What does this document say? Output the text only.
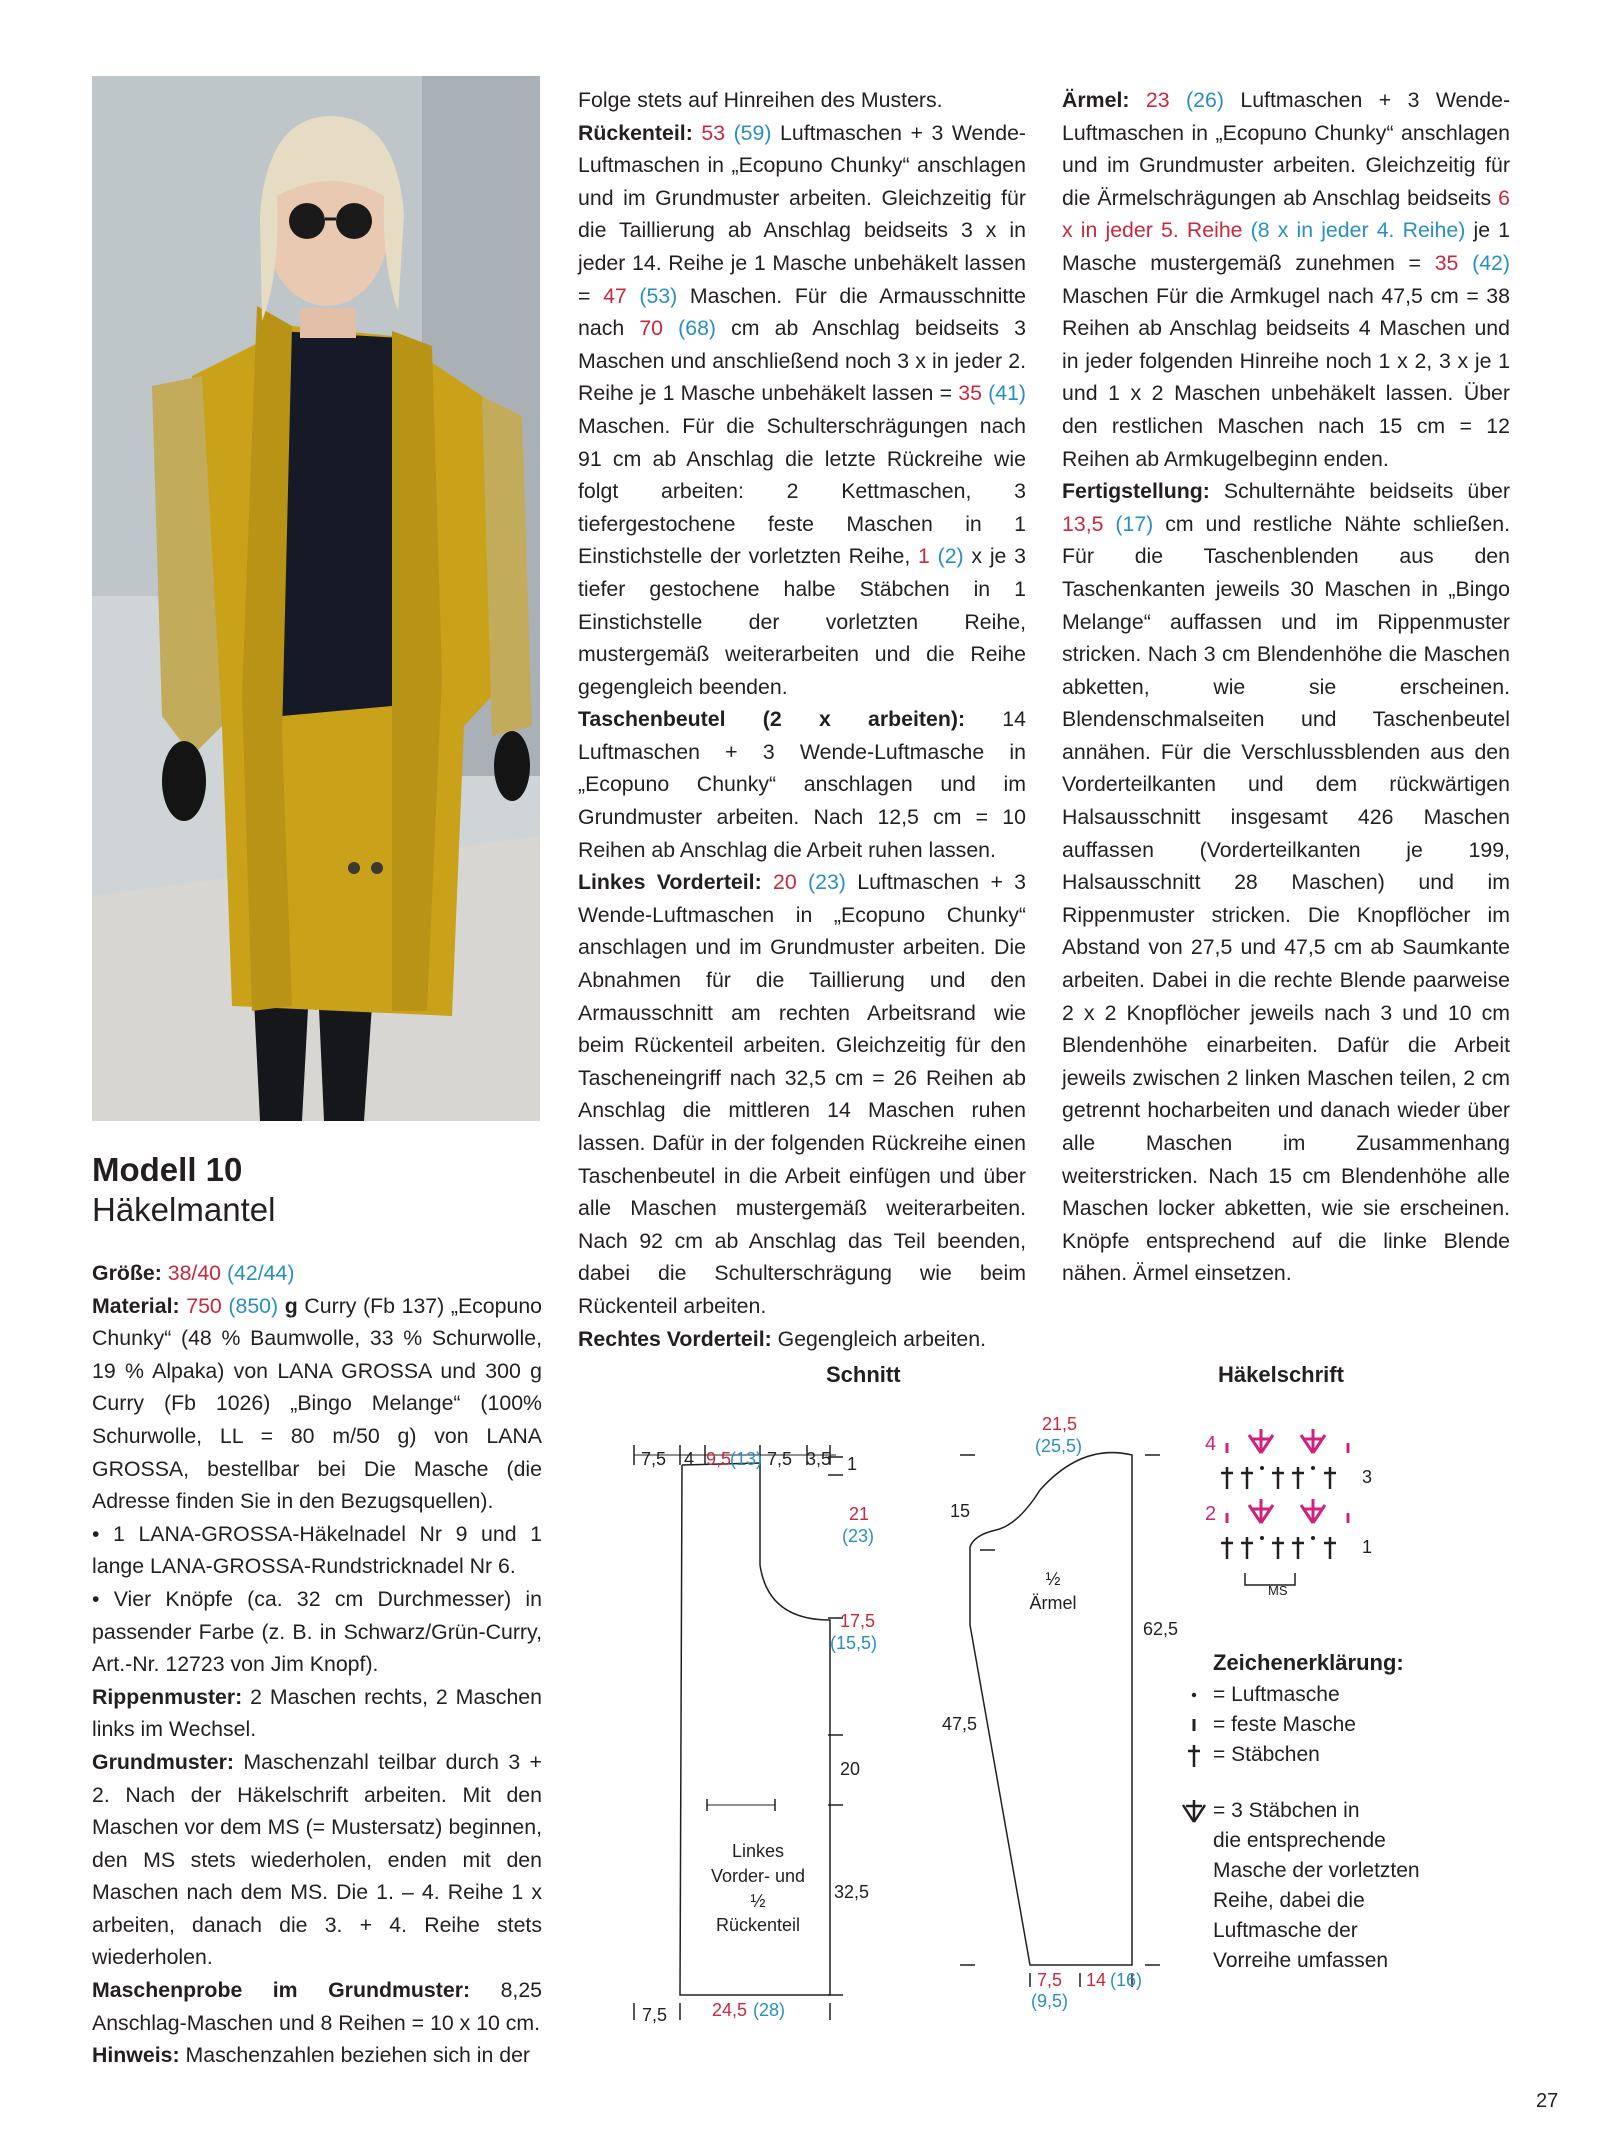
Modell 10
Häkelmantel

Größe: 38/40 (42/44)

Material: 750 (850) g Curry (Fb 137) „Ecopuno Chunky“ (48 % Baumwolle, 33 % Schurwolle, 19 % Alpaka) von LANA GROSSA und 300 g Curry (Fb 1026) „Bingo Melange“ (100% Schurwolle, LL = 80 m/50 g) von LANA GROSSA, bestellbar bei Die Masche (die Adresse finden Sie in den Bezugsquellen).

• 1 LANA-GROSSA-Häkelnadel Nr 9 und 1 lange LANA-GROSSA-Rundstricknadel Nr 6.

• Vier Knöpfe (ca. 32 cm Durchmesser) in passender Farbe (z. B. in Schwarz/Grün-Curry, Art.-Nr. 12723 von Jim Knopf).

Rippenmuster: 2 Maschen rechts, 2 Maschen links im Wechsel.

Grundmuster: Maschenzahl teilbar durch 3 + 2. Nach der Häkelschrift arbeiten. Mit den Maschen vor dem MS (= Mustersatz) beginnen, den MS stets wiederholen, enden mit den Maschen nach dem MS. Die 1. – 4. Reihe 1 x arbeiten, danach die 3. + 4. Reihe stets wiederholen.

Maschenprobe im Grundmuster: 8,25 Anschlag-Maschen und 8 Reihen = 10 x 10 cm.

Hinweis: Maschenzahlen beziehen sich in der

Folge stets auf Hinreihen des Musters.

Rückenteil: 53 (59) Luftmaschen + 3 Wende-Luftmaschen in „Ecopuno Chunky“ anschlagen und im Grundmuster arbeiten. Gleichzeitig für die Taillierung ab Anschlag beidseits 3 x in jeder 14. Reihe je 1 Masche unbehäkelt lassen = 47 (53) Maschen. Für die Armausschnitte nach 70 (68) cm ab Anschlag beidseits 3 Maschen und anschließend noch 3 x in jeder 2. Reihe je 1 Masche unbehäkelt lassen = 35 (41) Maschen. Für die Schulterschrägungen nach 91 cm ab Anschlag die letzte Rückreihe wie folgt arbeiten: 2 Kettmaschen, 3 tiefergestochene feste Maschen in 1 Einstichstelle der vorletzten Reihe, 1 (2) x je 3 tiefer gestochene halbe Stäbchen in 1 Einstichstelle der vorletzten Reihe, mustergemäß weiterarbeiten und die Reihe gegengleich beenden.

Taschenbeutel (2 x arbeiten): 14 Luftmaschen + 3 Wende-Luftmasche in „Ecopuno Chunky“ anschlagen und im Grundmuster arbeiten. Nach 12,5 cm = 10 Reihen ab Anschlag die Arbeit ruhen lassen.

Linkes Vorderteil: 20 (23) Luftmaschen + 3 Wende-Luftmaschen in „Ecopuno Chunky“ anschlagen und im Grundmuster arbeiten. Die Abnahmen für die Taillierung und den Armausschnitt am rechten Arbeitsrand wie beim Rückenteil arbeiten. Gleichzeitig für den Tascheneingriff nach 32,5 cm = 26 Reihen ab Anschlag die mittleren 14 Maschen ruhen lassen. Dafür in der folgenden Rückreihe einen Taschenbeutel in die Arbeit einfügen und über alle Maschen mustergemäß weiterarbeiten. Nach 92 cm ab Anschlag das Teil beenden, dabei die Schulterschrägung wie beim Rückenteil arbeiten.

Rechtes Vorderteil: Gegengleich arbeiten.

Ärmel: 23 (26) Luftmaschen + 3 Wende-Luftmaschen in „Ecopuno Chunky“ anschlagen und im Grundmuster arbeiten. Gleichzeitig für die Ärmelschrägungen ab Anschlag beidseits 6 x in jeder 5. Reihe (8 x in jeder 4. Reihe) je 1 Masche mustergemäß zunehmen = 35 (42) Maschen Für die Armkugel nach 47,5 cm = 38 Reihen ab Anschlag beidseits 4 Maschen und in jeder folgenden Hinreihe noch 1 x 2, 3 x je 1 und 1 x 2 Maschen unbehäkelt lassen. Über den restlichen Maschen nach 15 cm = 12 Reihen ab Armkugelbeginn enden.

Fertigstellung: Schulternähte beidseits über 13,5 (17) cm und restliche Nähte schließen. Für die Taschenblenden aus den Taschenkanten jeweils 30 Maschen in „Bingo Melange“ auffassen und im Rippenmuster stricken. Nach 3 cm Blendenhöhe die Maschen abketten, wie sie erscheinen. Blendenschmalseiten und Taschenbeutel annähen. Für die Verschlussblenden aus den Vorderteilkanten und dem rückwärtigen Halsausschnitt insgesamt 426 Maschen auffassen (Vorderteilkanten je 199, Halsausschnitt 28 Maschen) und im Rippenmuster stricken. Die Knopflöcher im Abstand von 27,5 und 47,5 cm ab Saumkante arbeiten. Dabei in die rechte Blende paarweise 2 x 2 Knopflöcher jeweils nach 3 und 10 cm Blendenhöhe einarbeiten. Dafür die Arbeit jeweils zwischen 2 linken Maschen teilen, 2 cm getrennt hocharbeiten und danach wieder über alle Maschen im Zusammenhang weiterstricken. Nach 15 cm Blendenhöhe alle Maschen locker abketten, wie sie erscheinen. Knöpfe entsprechend auf die linke Blende nähen. Ärmel einsetzen.

Schnitt	Häkelschrift
7,5 4 9,5
(13) 7,5 3,5 1
21
(23)
17,5
(15,5)
20
32,5
Linkes
Vorder- und
½
Rückenteil
7,5 24,5 (28)
21,5
(25,5)
15
47,5
62,5
½
Ärmel
7,5
(9,5)
14 (16)
4
2
3
1
MS
Zeichenerklärung:
= Luftmasche
= feste Masche
= Stäbchen
= 3 Stäbchen in
die entsprechende
Masche der vorletzten
Reihe, dabei die
Luftmasche der
Vorreihe umfassen
27
